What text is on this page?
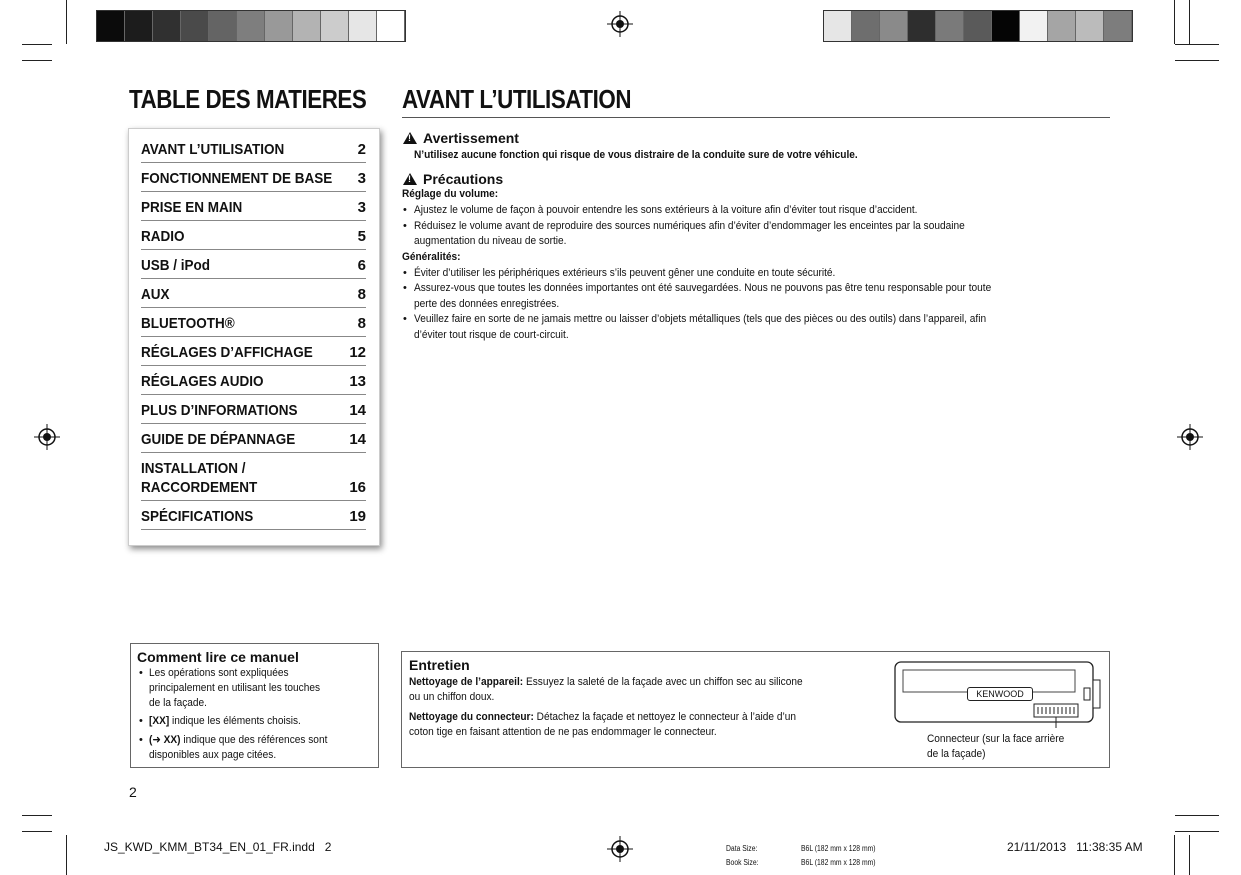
TABLE DES MATIERES AVANT L’UTILISATION
AVANT L’UTILISATION	2
FONCTIONNEMENT DE BASE 3
PRISE EN MAIN	3
RADIO	5
USB / iPod	6
AUX	8
BLUETOOTH®	8
RÉGLAGES D’AFFICHAGE 12
RÉGLAGES AUDIO	13
PLUS D’INFORMATIONS	14
GUIDE DE DÉPANNAGE	14
INSTALLATION /
RACCORDEMENT	16
SPÉCIFICATIONS	19
!Avertissement
N’utilisez aucune fonction qui risque de vous distraire de la conduite sure de votre véhicule.
!Précautions
Réglage du volume:
• Ajustez le volume de façon à pouvoir entendre les sons extérieurs à la voiture afin d’éviter tout risque d’accident.
• Réduisez le volume avant de reproduire des sources numériques afin d’éviter d’endommager les enceintes par la soudaine
augmentation du niveau de sortie.
Généralités:
• Éviter d’utiliser les périphériques extérieurs s’ils peuvent gêner une conduite en toute sécurité.
• Assurez-vous que toutes les données importantes ont été sauvegardées. Nous ne pouvons pas être tenu responsable pour toute
perte des données enregistrées.
• Veuillez faire en sorte de ne jamais mettre ou laisser d’objets métalliques (tels que des pièces ou des outils) dans l’appareil, afin
d’éviter tout risque de court-circuit.
Comment lire ce manuel
• Les opérations sont expliquées
principalement en utilisant les touches
de la façade.
• [XX] indique les éléments choisis.
• (➜ XX) indique que des références sont
disponibles aux page citées.
Entretien
Nettoyage de l’appareil: Essuyez la saleté de la façade avec un chiffon sec au silicone
ou un chiffon doux.
Nettoyage du connecteur: Détachez la façade et nettoyez le connecteur à l’aide d’un
coton tige en faisant attention de ne pas endommager le connecteur.
KENWOOD
Connecteur (sur la face arrière
de la façade)
2
JS_KWD_KMM_BT34_EN_01_FR.indd   2	Data Size:	B6L (182 mm x 128 mm)
Book Size:	B6L (182 mm x 128 mm)
21/11/2013   11:38:35 AM
